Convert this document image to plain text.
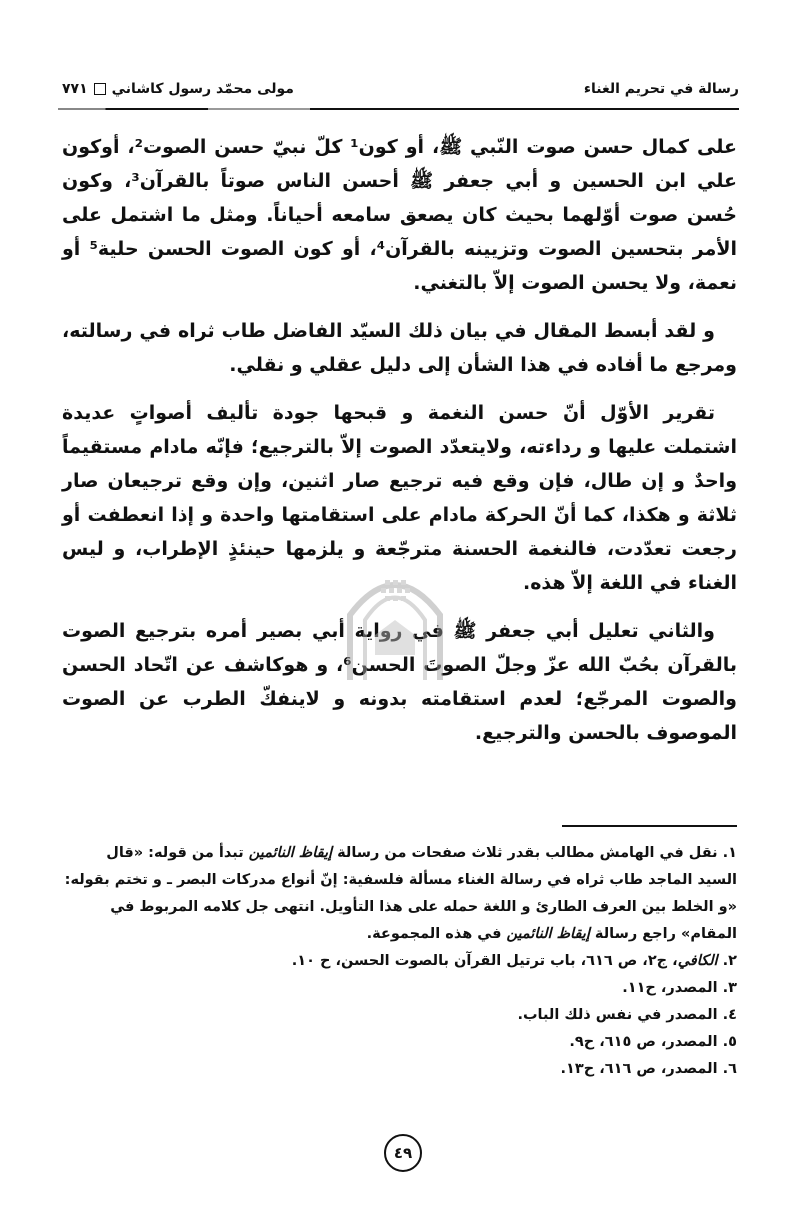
رسالة في تحريم الغناء
مولى محمّد رسول كاشاني
٧٧١

على كمال حسن صوت النّبي ﷺ، أو كون¹ كلّ نبيّ حسن الصوت²، أوكون علي ابن الحسين و أبي جعفر ﷺ أحسن الناس صوتاً بالقرآن³، وكون حُسن صوت أوّلهما بحيث كان يصعق سامعه أحياناً. ومثل ما اشتمل على الأمر بتحسين الصوت وتزيينه بالقرآن⁴، أو كون الصوت الحسن حلية⁵ أو نعمة، ولا يحسن الصوت إلاّ بالتغني.

و لقد أبسط المقال في بيان ذلك السيّد الفاضل طاب ثراه في رسالته، ومرجع ما أفاده في هذا الشأن إلى دليل عقلي و نقلي.

تقرير الأوّل أنّ حسن النغمة و قبحها جودة تأليف أصواتٍ عديدة اشتملت عليها و رداءته، ولايتعدّد الصوت إلاّ بالترجيع؛ فإنّه مادام مستقيماً واحدٌ و إن طال، فإن وقع فيه ترجيع صار اثنين، وإن وقع ترجيعان صار ثلاثة و هكذا، كما أنّ الحركة مادام على استقامتها واحدة و إذا انعطفت أو رجعت تعدّدت، فالنغمة الحسنة مترجّعة و يلزمها حينئذٍ الإطراب، و ليس الغناء في اللغة إلاّ هذه.

والثاني تعليل أبي جعفر ﷺ في رواية أبي بصير أمره بترجيع الصوت بالقرآن بحُبّ الله عزّ وجلّ الصوتَ الحسن⁶، و هوكاشف عن اتّحاد الحسن والصوت المرجّع؛ لعدم استقامته بدونه و لاينفكّ الطرب عن الصوت الموصوف بالحسن والترجيع.

١. نقل في الهامش مطالب بقدر ثلاث صفحات من رسالة إيقاظ النائمين تبدأ من قوله: «قال السيد الماجد طاب ثراه في رسالة الغناء مسألة فلسفية: إنّ أنواع مدركات البصر ـ و تختم بقوله: «و الخلط بين العرف الطارئ و اللغة حمله على هذا التأويل. انتهى جل كلامه المربوط في المقام» راجع رسالة إيقاظ النائمين في هذه المجموعة.
٢. الكافي، ج٢، ص ٦١٦، باب ترتيل القرآن بالصوت الحسن، ح ١٠.
٣. المصدر، ح١١.
٤. المصدر في نفس ذلك الباب.
٥. المصدر، ص ٦١٥، ح٩.
٦. المصدر، ص ٦١٦، ح١٣.
٤٩
